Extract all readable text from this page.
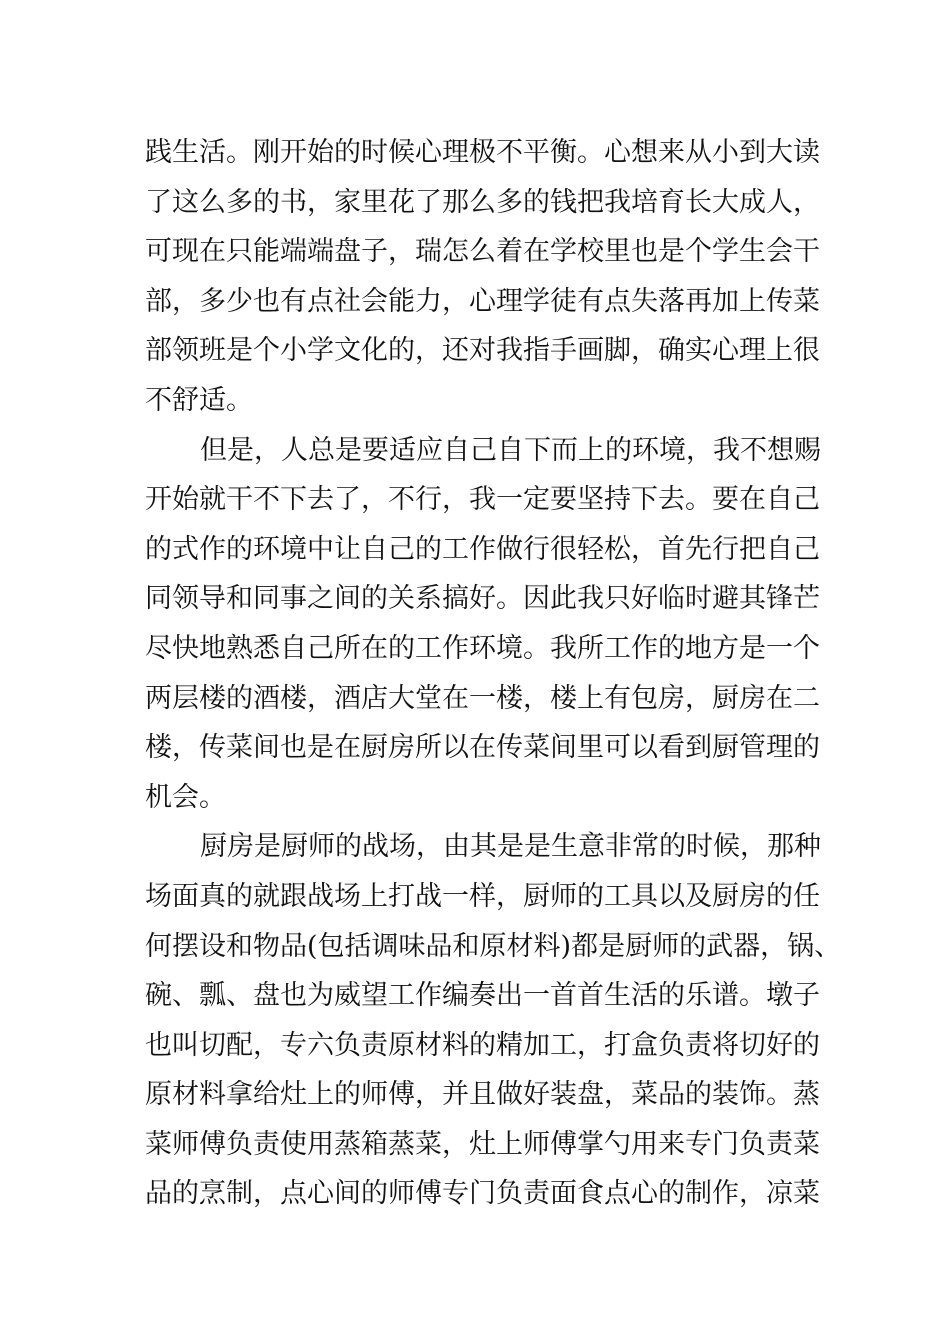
践生活。刚开始的时候心理极不平衡。心想来从小到大读
了这么多的书，家里花了那么多的钱把我培育长大成人，
可现在只能端端盘子，瑞怎么着在学校里也是个学生会干
部，多少也有点社会能力，心理学徒有点失落再加上传菜
部领班是个小学文化的，还对我指手画脚，确实心理上很
不舒适。
但是，人总是要适应自己自下而上的环境，我不想赐
开始就干不下去了，不行，我一定要坚持下去。要在自己
的式作的环境中让自己的工作做行很轻松，首先行把自己
同领导和同事之间的关系搞好。因此我只好临时避其锋芒
尽快地熟悉自己所在的工作环境。我所工作的地方是一个
两层楼的酒楼，酒店大堂在一楼，楼上有包房，厨房在二
楼，传菜间也是在厨房所以在传菜间里可以看到厨管理的
机会。
厨房是厨师的战场，由其是是生意非常的时候，那种
场面真的就跟战场上打战一样，厨师的工具以及厨房的任
何摆设和物品(包括调味品和原材料)都是厨师的武器，锅、
碗、瓢、盘也为威望工作编奏出一首首生活的乐谱。墩子
也叫切配，专六负责原材料的精加工，打盒负责将切好的
原材料拿给灶上的师傅，并且做好装盘，菜品的装饰。蒸
菜师傅负责使用蒸箱蒸菜，灶上师傅掌勺用来专门负责菜
品的烹制，点心间的师傅专门负责面食点心的制作，凉菜
